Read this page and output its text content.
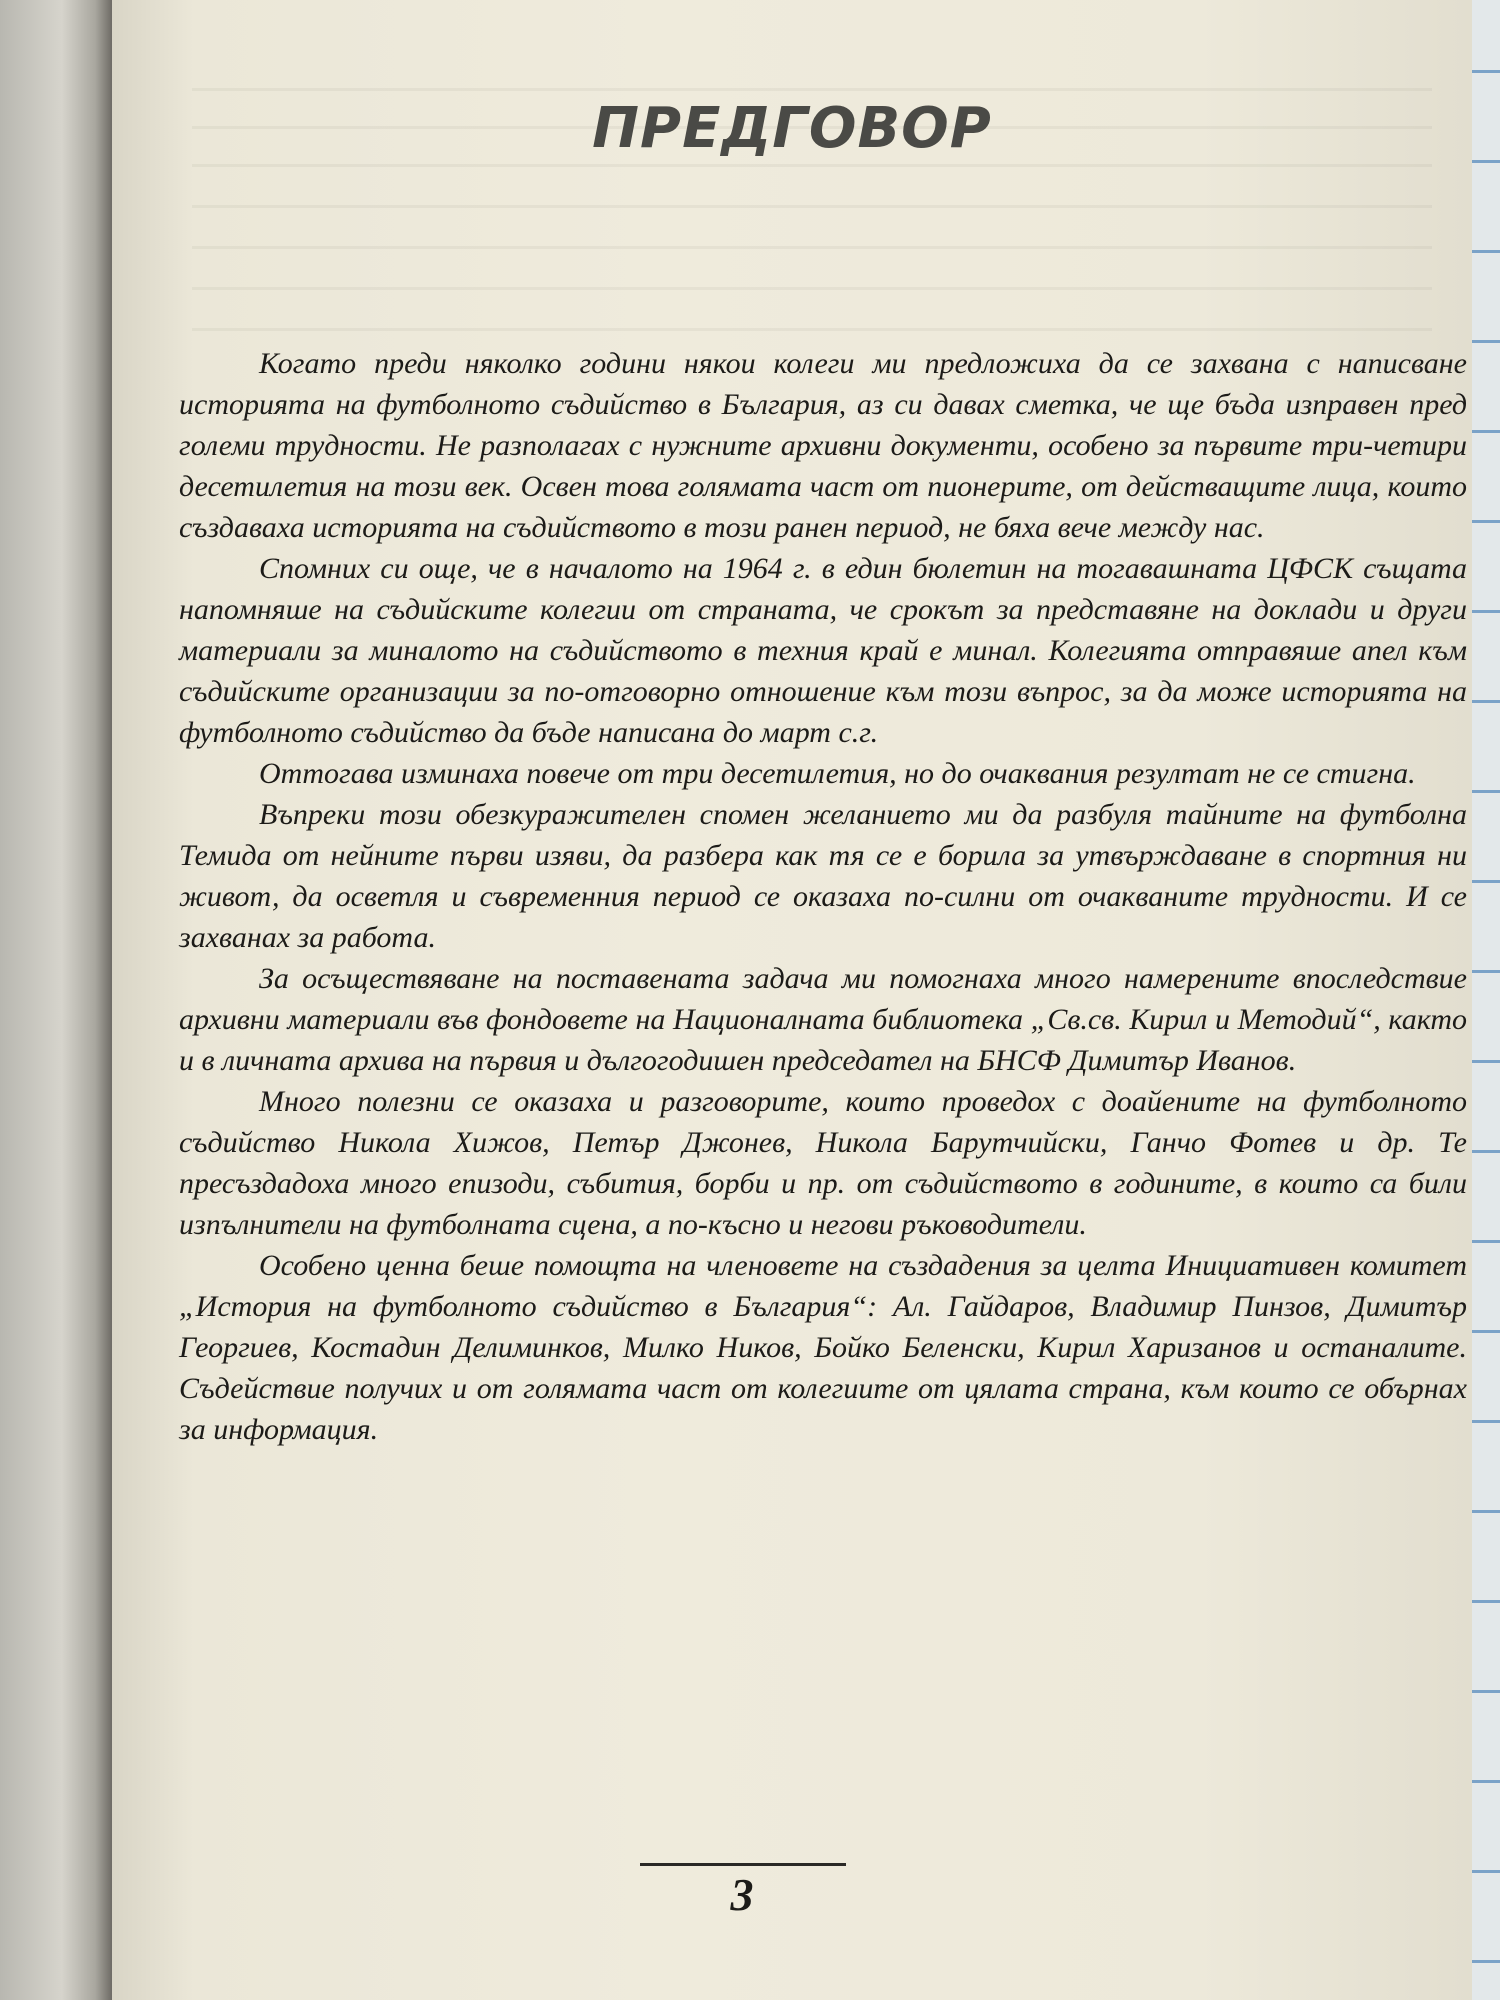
ПРЕДГОВОР

Когато преди няколко години някои колеги ми предложиха да се захвана с написване историята на футболното съдийство в България, аз си давах сметка, че ще бъда изправен пред големи трудности. Не разполагах с нужните архивни документи, особено за първите три-четири десетилетия на този век. Освен това голямата част от пионерите, от действащите лица, които създаваха историята на съдийството в този ранен период, не бяха вече между нас.

Спомних си още, че в началото на 1964 г. в един бюлетин на тогавашната ЦФСК същата напомняше на съдийските колегии от страната, че срокът за представяне на доклади и други материали за миналото на съдийството в техния край е минал. Колегията отправяше апел към съдийските организации за по-отговорно отношение към този въпрос, за да може историята на футболното съдийство да бъде написана до март с.г.

Оттогава изминаха повече от три десетилетия, но до очаквания резултат не се стигна.

Въпреки този обезкуражителен спомен желанието ми да разбуля тайните на футболна Темида от нейните първи изяви, да разбера как тя се е борила за утвърждаване в спортния ни живот, да осветля и съвременния период се оказаха по-силни от очакваните трудности. И се захванах за работа.

За осъществяване на поставената задача ми помогнаха много намерените впоследствие архивни материали във фондовете на Националната библиотека „Св.св. Кирил и Методий“, както и в личната архива на първия и дългогодишен председател на БНСФ Димитър Иванов.

Много полезни се оказаха и разговорите, които проведох с доайените на футболното съдийство Никола Хижов, Петър Джонев, Никола Барутчийски, Ганчо Фотев и др. Те пресъздадоха много епизоди, събития, борби и пр. от съдийството в годините, в които са били изпълнители на футболната сцена, а по-късно и негови ръководители.

Особено ценна беше помощта на членовете на създадения за целта Инициативен комитет „История на футболното съдийство в България“: Ал. Гайдаров, Владимир Пинзов, Димитър Георгиев, Костадин Делиминков, Милко Ников, Бойко Беленски, Кирил Харизанов и останалите. Съдействие получих и от голямата част от колегиите от цялата страна, към които се обърнах за информация.

3
